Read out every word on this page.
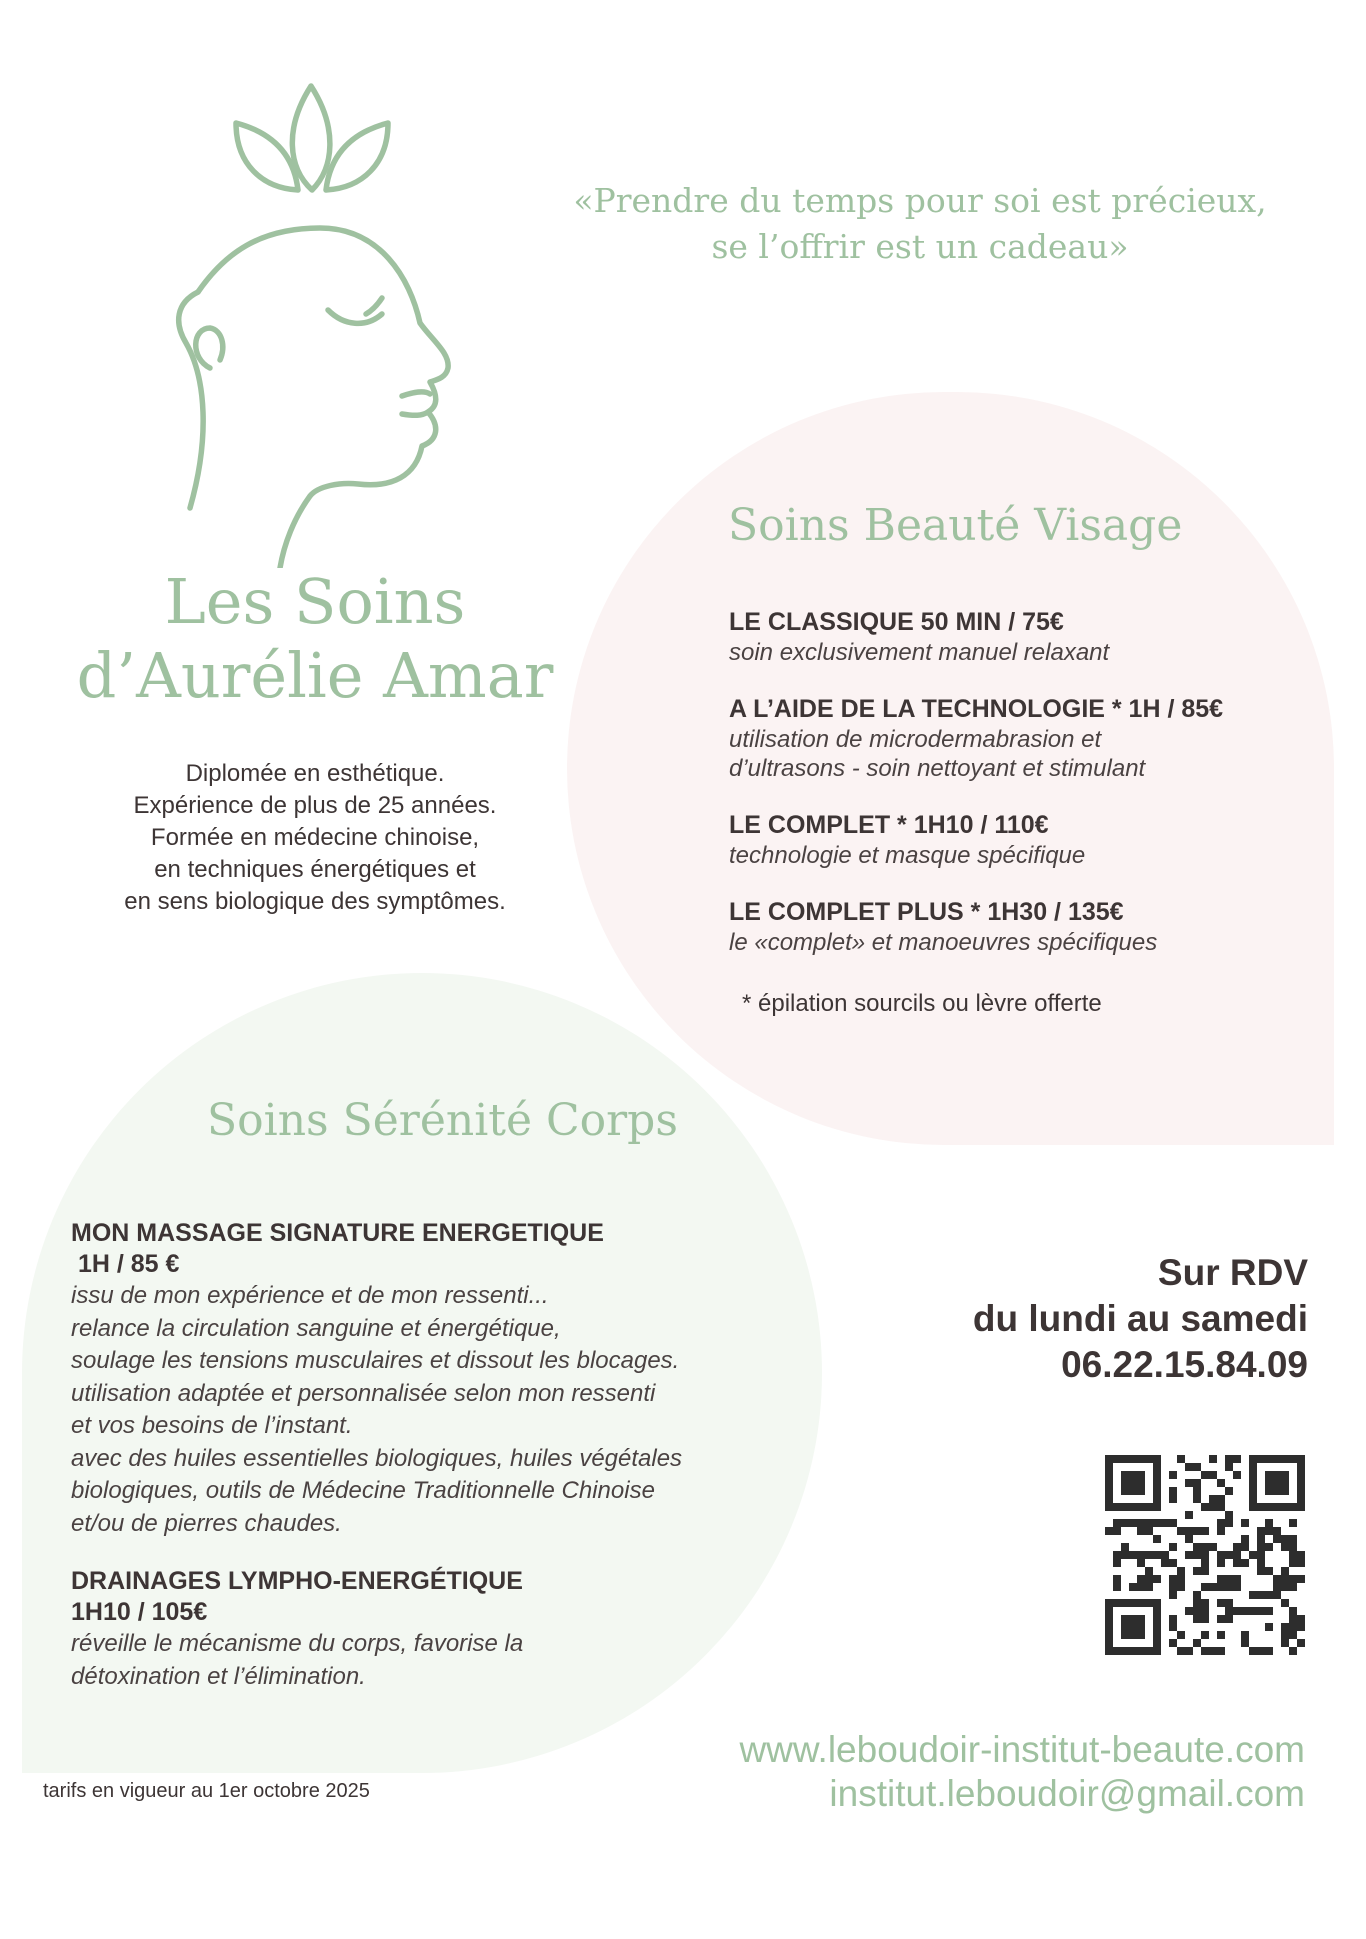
Les Soins
d’Aurélie Amar
Diplomée en esthétique.
Expérience de plus de 25 années.
Formée en médecine chinoise,
en techniques énergétiques et
en sens biologique des symptômes.
«Prendre du temps pour soi est précieux,
se l’offrir est un cadeau»
Soins Beauté Visage
LE CLASSIQUE 50 MIN / 75€
soin exclusivement manuel relaxant
A L’AIDE DE LA TECHNOLOGIE * 1H / 85€
utilisation de microdermabrasion et
d’ultrasons - soin nettoyant et stimulant
LE COMPLET * 1H10 / 110€
technologie et masque spécifique
LE COMPLET PLUS * 1H30 / 135€
le «complet» et manoeuvres spécifiques
* épilation sourcils ou lèvre offerte
Soins Sérénité Corps
MON MASSAGE SIGNATURE ENERGETIQUE
1H / 85 €
issu de mon expérience et de mon ressenti...
relance la circulation sanguine et énergétique,
soulage les tensions musculaires et dissout les blocages.
utilisation adaptée et personnalisée selon mon ressenti
et vos besoins de l’instant.
avec des huiles essentielles biologiques, huiles végétales
biologiques, outils de Médecine Traditionnelle Chinoise
et/ou de pierres chaudes.
DRAINAGES LYMPHO-ENERGÉTIQUE
1H10 / 105€
réveille le mécanisme du corps, favorise la
détoxination et l’élimination.
Sur RDV
du lundi au samedi
06.22.15.84.09
www.leboudoir-institut-beaute.com
institut.leboudoir@gmail.com
tarifs en vigueur au 1er octobre 2025
